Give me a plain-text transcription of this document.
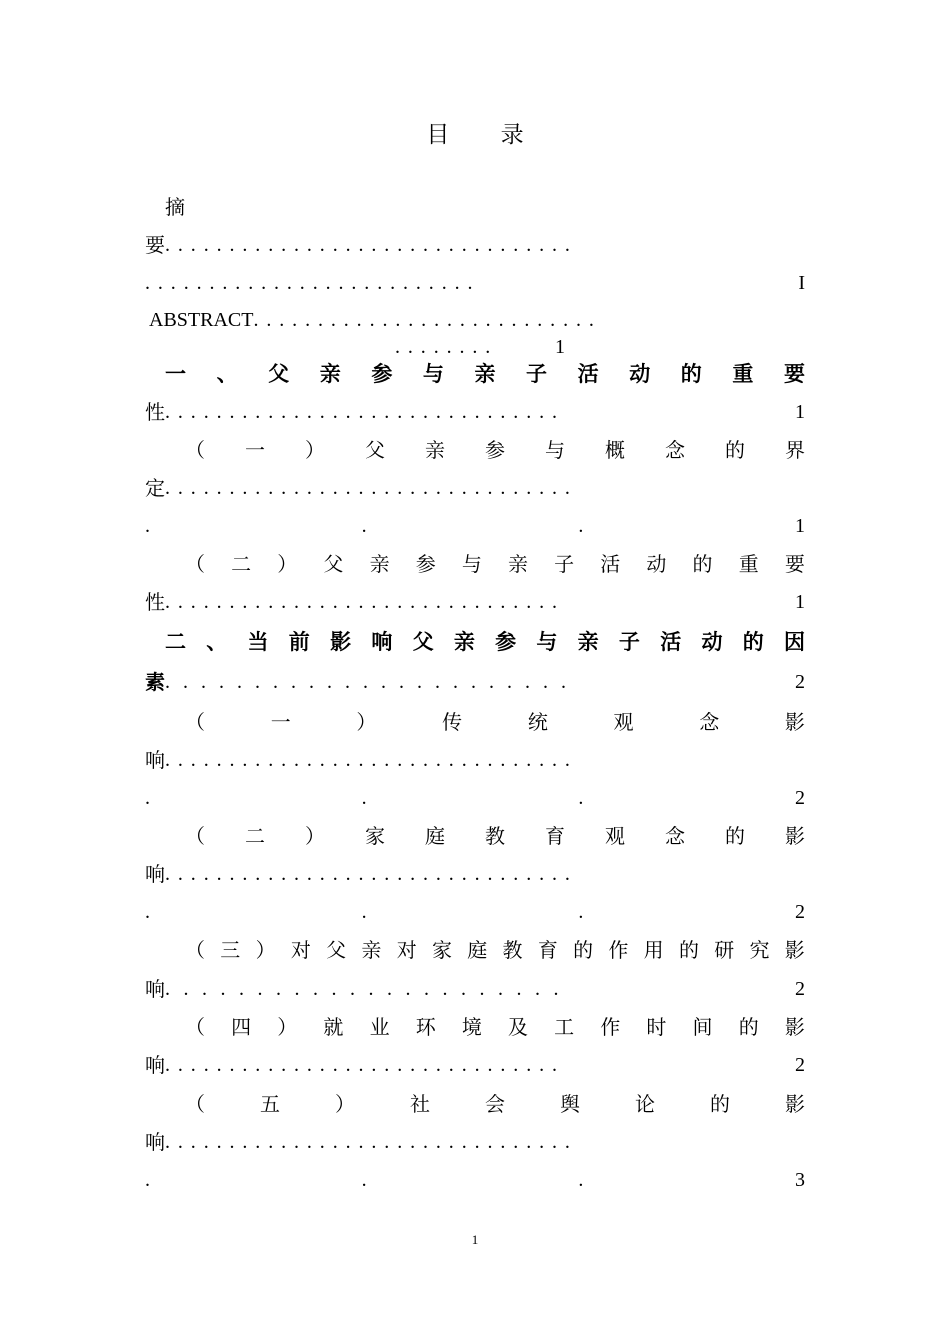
目 录
摘
要 ................................
..........................	I
ABSTRACT ...........................
........	1
一 、 父 亲 参 与 亲 子 活 动 的 重 要
性 ...............................	1
（ 一 ） 父 亲 参 与 概 念 的 界
定 ................................
.	.	.	1
（ 二 ） 父 亲 参 与 亲 子 活 动 的 重 要
性 ...............................	1
二 、 当 前 影 响 父 亲 参 与 亲 子 活 动 的 因
素 .......................	2
（	一	）	传	统	观	念	影
响 ................................
.	.	.	2
（ 二 ） 家 庭 教 育 观 念 的 影
响 ................................
.	.	.	2
（ 三 ） 对 父 亲 对 家 庭 教 育 的 作 用 的 研 究 影
响 ......................	2
（ 四 ） 就 业 环 境 及 工 作 时 间 的 影
响 ...............................	2
（	五	）	社	会	舆	论	的	影
响 ................................
.	.	.	3
1
